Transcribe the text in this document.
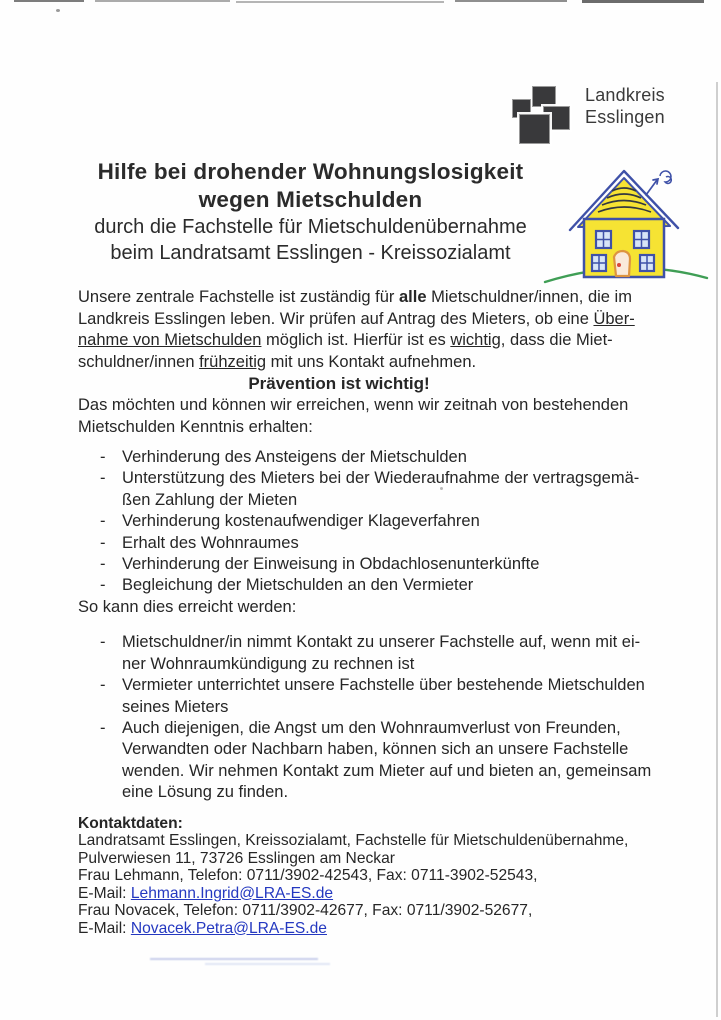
Landkreis
Esslingen
Hilfe bei drohender Wohnungslosigkeit
wegen Mietschulden
durch die Fachstelle für Mietschuldenübernahme
beim Landratsamt Esslingen - Kreissozialamt

Unsere zentrale Fachstelle ist zuständig für alle Mietschuldner/innen, die im
Landkreis Esslingen leben. Wir prüfen auf Antrag des Mieters, ob eine Über-
nahme von Mietschulden möglich ist. Hierfür ist es wichtig, dass die Miet-
schuldner/innen frühzeitig mit uns Kontakt aufnehmen.

Prävention ist wichtig!

Das möchten und können wir erreichen, wenn wir zeitnah von bestehenden
Mietschulden Kenntnis erhalten:

-	Verhinderung des Ansteigens der Mietschulden
-	Unterstützung des Mieters bei der Wiederaufnahme der vertragsgemä-
ßen Zahlung der Mieten
-	Verhinderung kostenaufwendiger Klageverfahren
-	Erhalt des Wohnraumes
-	Verhinderung der Einweisung in Obdachlosenunterkünfte
-	Begleichung der Mietschulden an den Vermieter

So kann dies erreicht werden:

-	Mietschuldner/in nimmt Kontakt zu unserer Fachstelle auf, wenn mit ei-
ner Wohnraumkündigung zu rechnen ist
-	Vermieter unterrichtet unsere Fachstelle über bestehende Mietschulden
seines Mieters
-	Auch diejenigen, die Angst um den Wohnraumverlust von Freunden,
Verwandten oder Nachbarn haben, können sich an unsere Fachstelle
wenden. Wir nehmen Kontakt zum Mieter auf und bieten an, gemeinsam
eine Lösung zu finden.
Kontaktdaten:
Landratsamt Esslingen, Kreissozialamt, Fachstelle für Mietschuldenübernahme,
Pulverwiesen 11, 73726 Esslingen am Neckar
Frau Lehmann, Telefon: 0711/3902-42543, Fax: 0711-3902-52543,
E-Mail: Lehmann.Ingrid@LRA-ES.de
Frau Novacek, Telefon: 0711/3902-42677, Fax: 0711/3902-52677,
E-Mail: Novacek.Petra@LRA-ES.de
